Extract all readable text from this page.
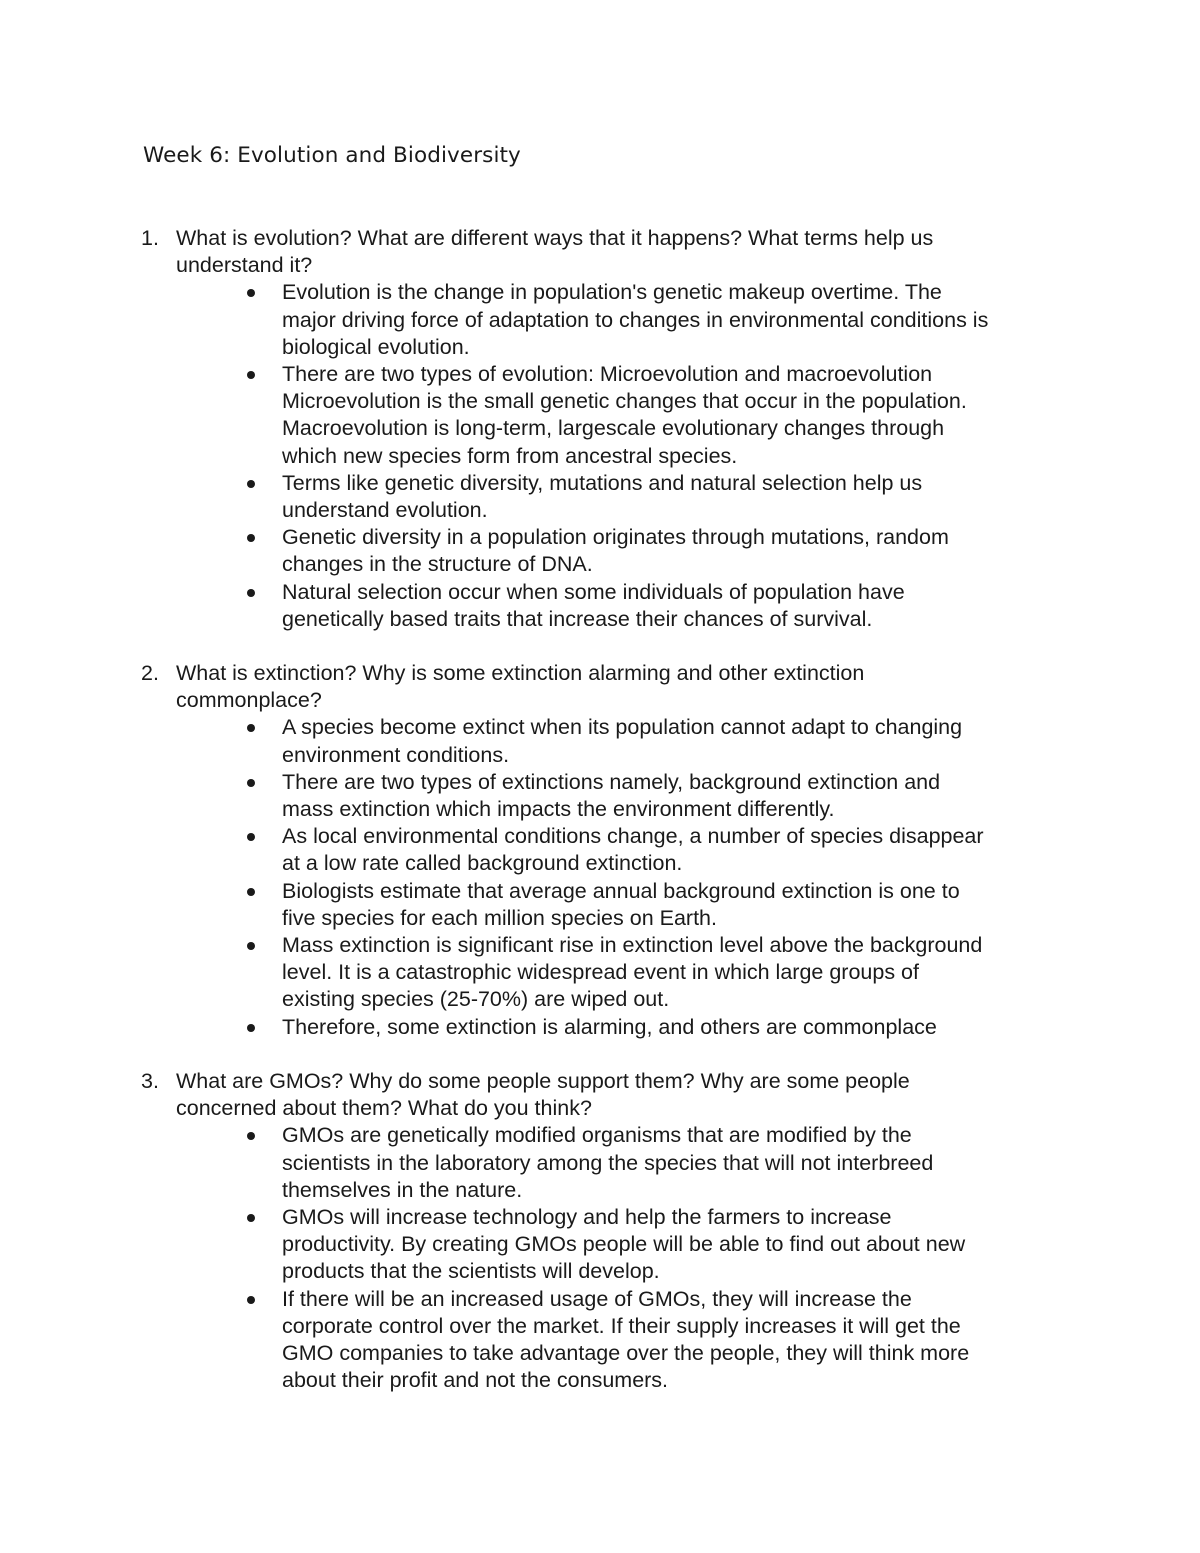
Week 6: Evolution and Biodiversity
1. What is evolution? What are different ways that it happens? What terms help us
understand it?
Evolution is the change in population's genetic makeup overtime. The
major driving force of adaptation to changes in environmental conditions is
biological evolution.
There are two types of evolution: Microevolution and macroevolution
Microevolution is the small genetic changes that occur in the population.
Macroevolution is long-term, largescale evolutionary changes through
which new species form from ancestral species.
Terms like genetic diversity, mutations and natural selection help us
understand evolution.
Genetic diversity in a population originates through mutations, random
changes in the structure of DNA.
Natural selection occur when some individuals of population have
genetically based traits that increase their chances of survival.
2. What is extinction? Why is some extinction alarming and other extinction
commonplace?
A species become extinct when its population cannot adapt to changing
environment conditions.
There are two types of extinctions namely, background extinction and
mass extinction which impacts the environment differently.
As local environmental conditions change, a number of species disappear
at a low rate called background extinction.
Biologists estimate that average annual background extinction is one to
five species for each million species on Earth.
Mass extinction is significant rise in extinction level above the background
level. It is a catastrophic widespread event in which large groups of
existing species (25-70%) are wiped out.
Therefore, some extinction is alarming, and others are commonplace
3. What are GMOs? Why do some people support them? Why are some people
concerned about them? What do you think?
GMOs are genetically modified organisms that are modified by the
scientists in the laboratory among the species that will not interbreed
themselves in the nature.
GMOs will increase technology and help the farmers to increase
productivity. By creating GMOs people will be able to find out about new
products that the scientists will develop.
If there will be an increased usage of GMOs, they will increase the
corporate control over the market. If their supply increases it will get the
GMO companies to take advantage over the people, they will think more
about their profit and not the consumers.
